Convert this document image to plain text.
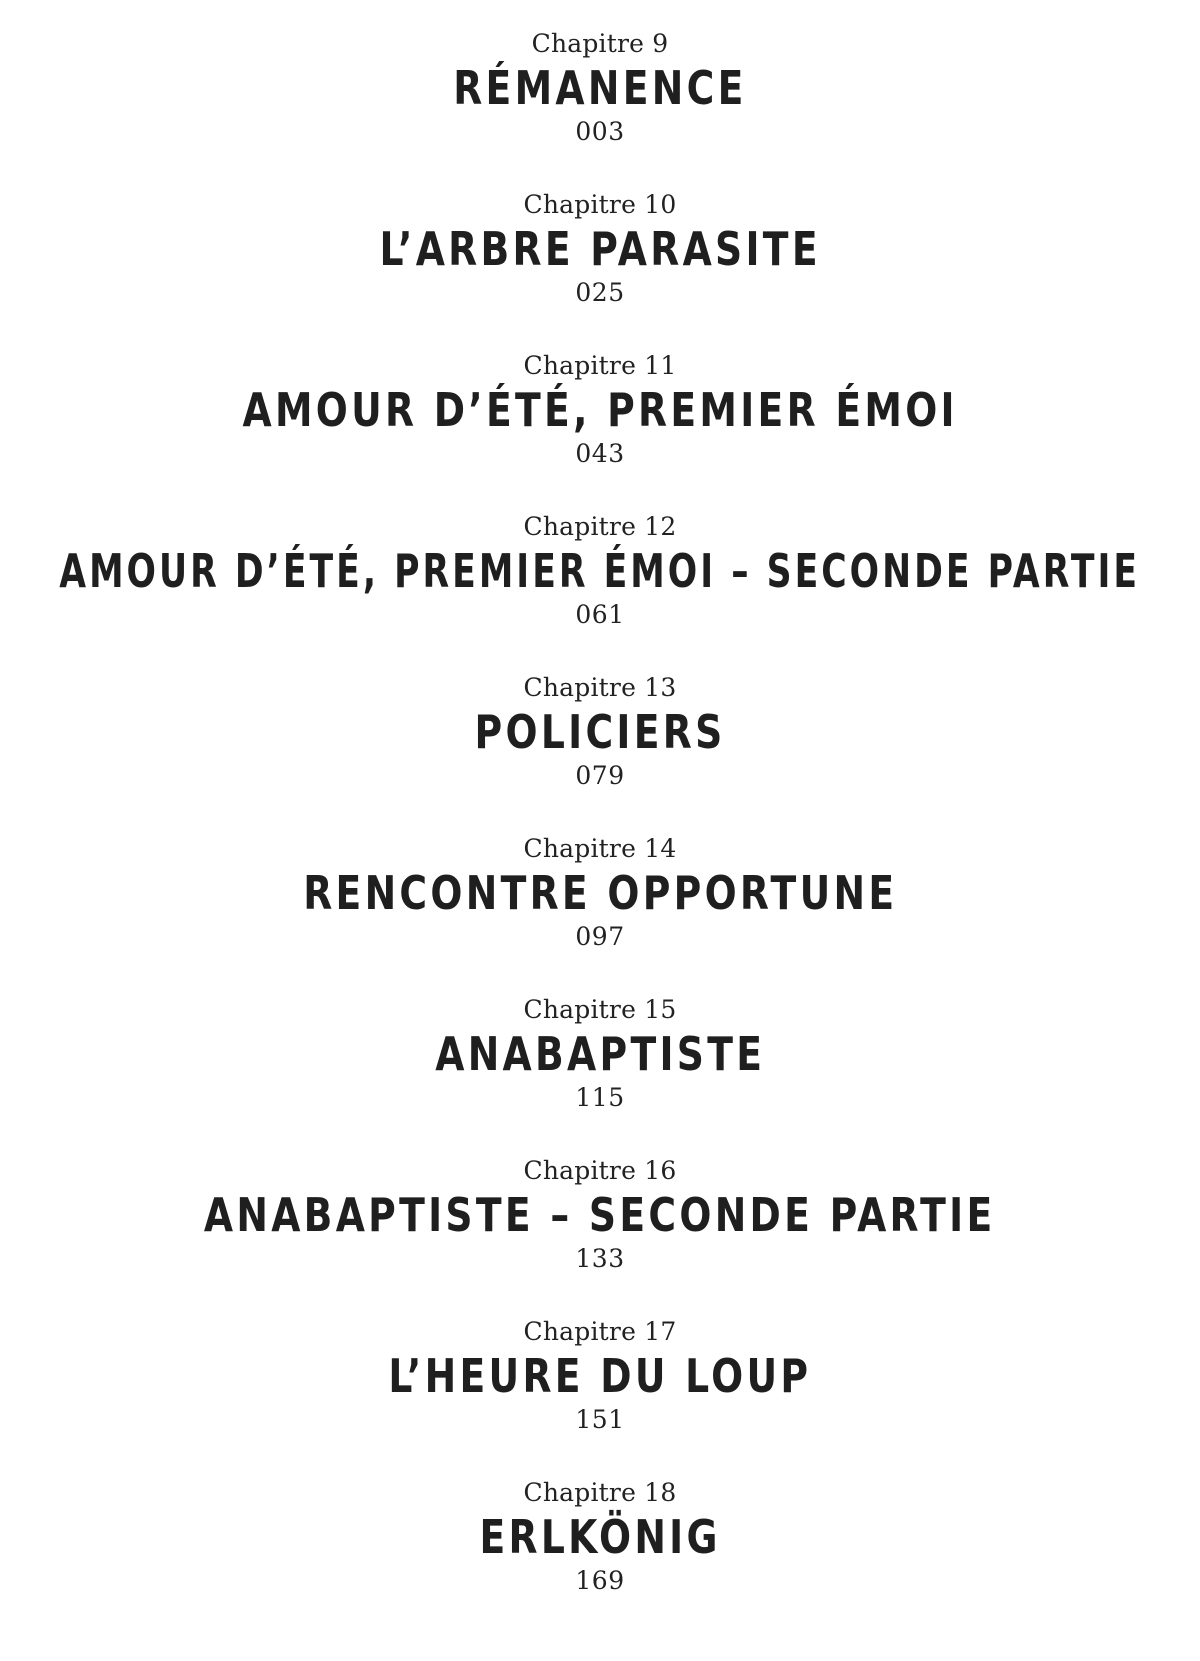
Chapitre 9
RÉMANENCE
003
Chapitre 10
L’ARBRE PARASITE
025
Chapitre 11
AMOUR D’ÉTÉ, PREMIER ÉMOI
043
Chapitre 12
AMOUR D’ÉTÉ, PREMIER ÉMOI – SECONDE PARTIE
061
Chapitre 13
POLICIERS
079
Chapitre 14
RENCONTRE OPPORTUNE
097
Chapitre 15
ANABAPTISTE
115
Chapitre 16
ANABAPTISTE – SECONDE PARTIE
133
Chapitre 17
L’HEURE DU LOUP
151
Chapitre 18
ERLKÖNIG
169
